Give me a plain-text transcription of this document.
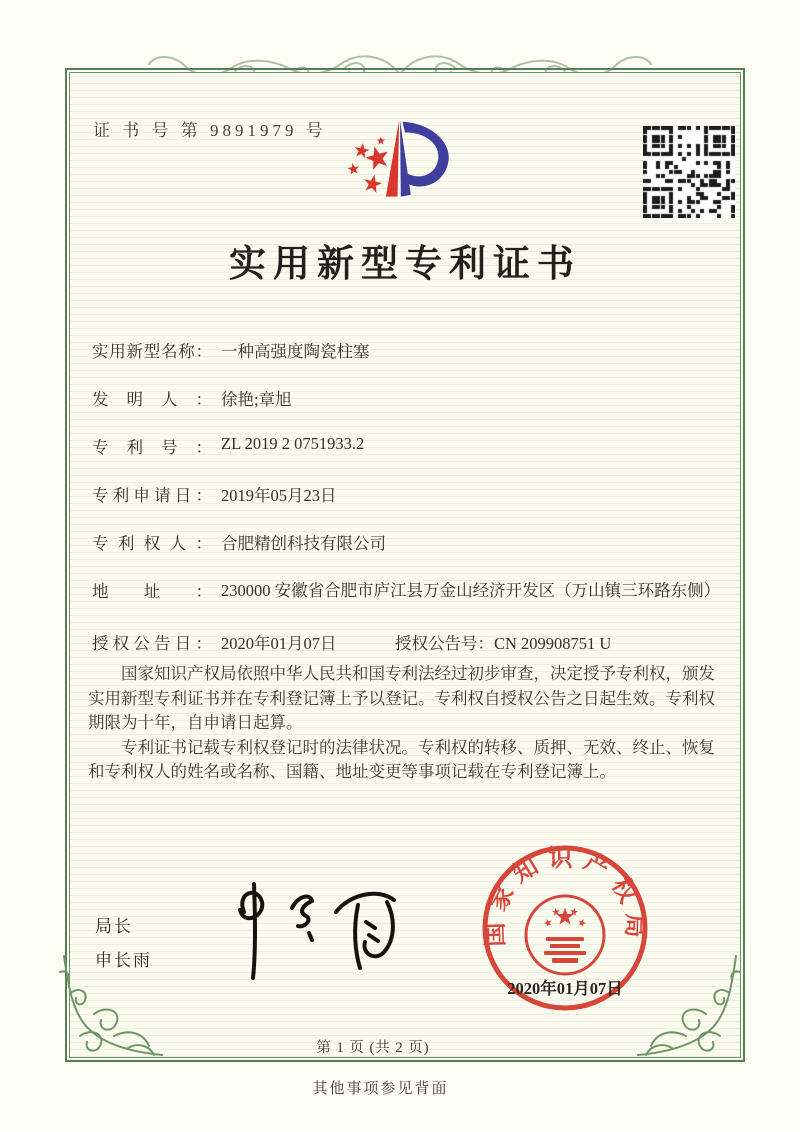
证 书 号 第 9891979 号
实用新型专利证书
实用新型名称： 一种高强度陶瓷柱塞
发明人： 徐艳;章旭
专利号： ZL 2019 2 0751933.2
专利申请日： 2019年05月23日
专利权人： 合肥精创科技有限公司
地址： 230000 安徽省合肥市庐江县万金山经济开发区（万山镇三环路东侧）
授权公告日： 2020年01月07日	授权公告号：CN 209908751 U

国家知识产权局依照中华人民共和国专利法经过初步审查，决定授予专利权，颁发实用新型专利证书并在专利登记簿上予以登记。专利权自授权公告之日起生效。专利权期限为十年，自申请日起算。

专利证书记载专利权登记时的法律状况。专利权的转移、质押、无效、终止、恢复和专利权人的姓名或名称、国籍、地址变更等事项记载在专利登记簿上。

局长
申长雨
国家知识产权局
2020年01月07日
第 1 页 (共 2 页)
其他事项参见背面
